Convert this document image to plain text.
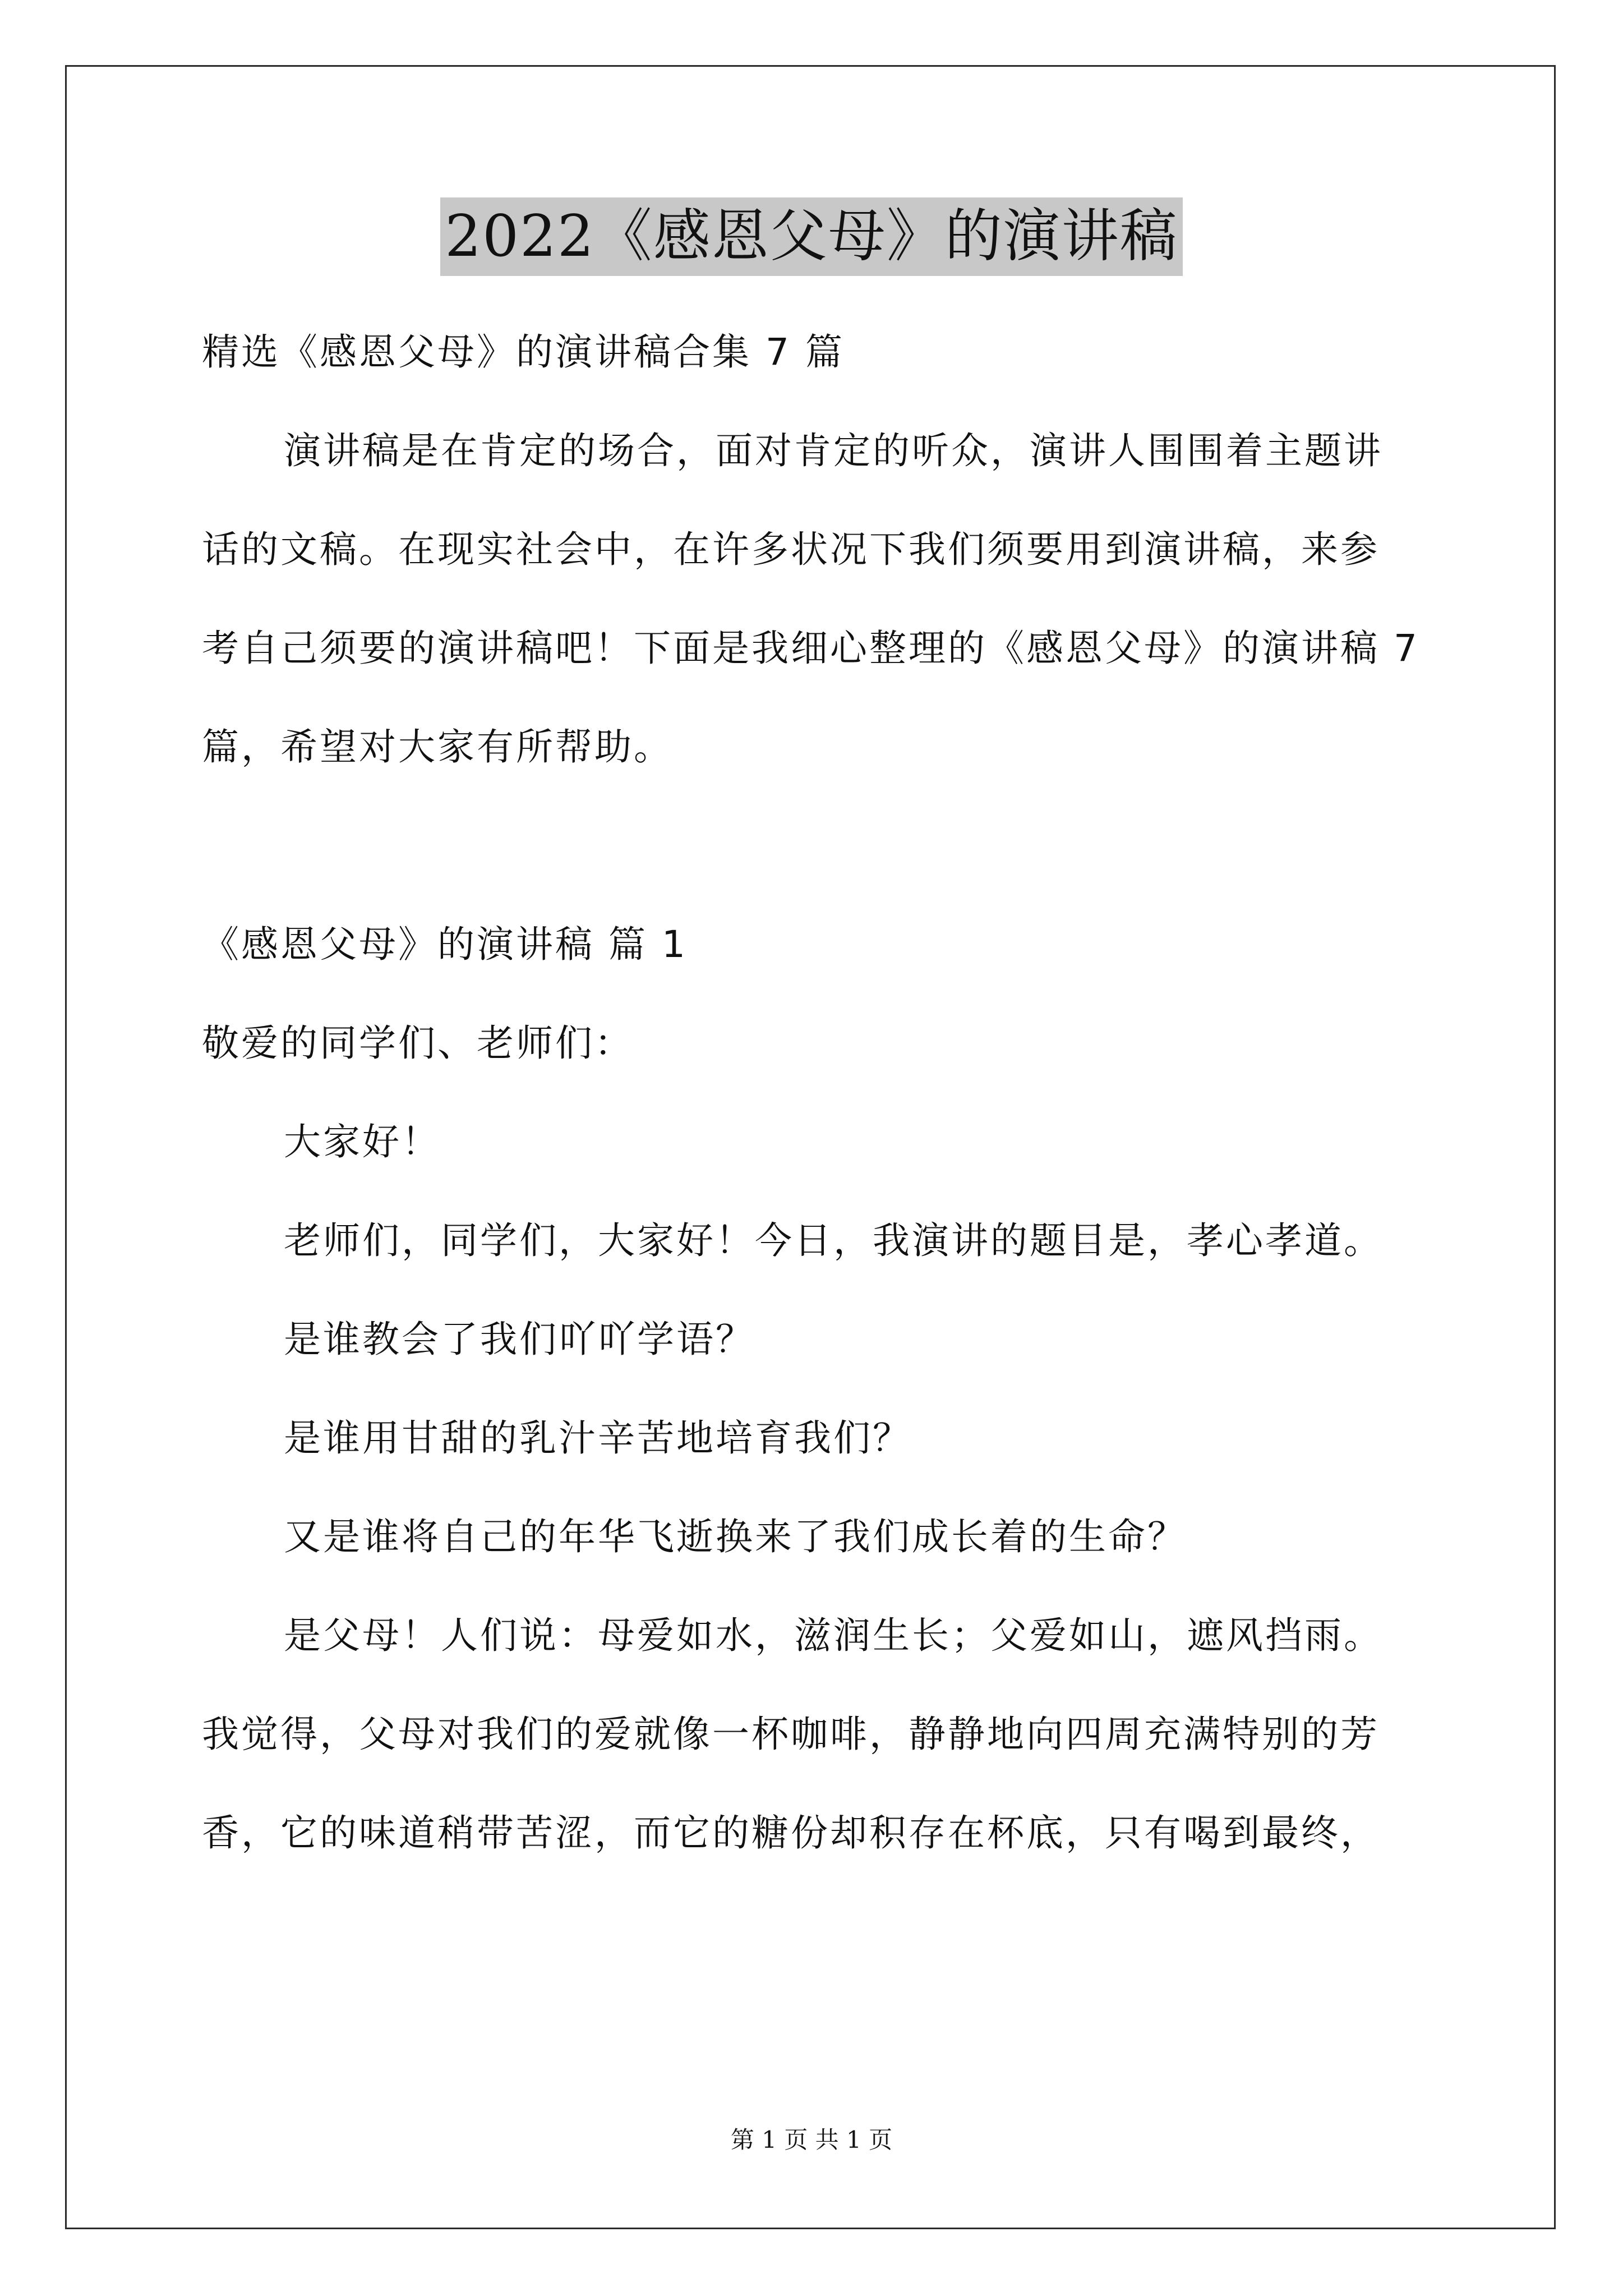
2022《感恩父母》的演讲稿
精选《感恩父母》的演讲稿合集 7 篇
演讲稿是在肯定的场合，面对肯定的听众，演讲人围围着主题讲
话的文稿。在现实社会中，在许多状况下我们须要用到演讲稿，来参
考自己须要的演讲稿吧！下面是我细心整理的《感恩父母》的演讲稿 7
篇，希望对大家有所帮助。
《感恩父母》的演讲稿 篇 1
敬爱的同学们、老师们：
大家好！
老师们，同学们，大家好！今日，我演讲的题目是，孝心孝道。
是谁教会了我们吖吖学语？
是谁用甘甜的乳汁辛苦地培育我们？
又是谁将自己的年华飞逝换来了我们成长着的生命？
是父母！人们说：母爱如水，滋润生长；父爱如山，遮风挡雨。
我觉得，父母对我们的爱就像一杯咖啡，静静地向四周充满特别的芳
香，它的味道稍带苦涩，而它的糖份却积存在杯底，只有喝到最终，
第 1 页 共 1 页
